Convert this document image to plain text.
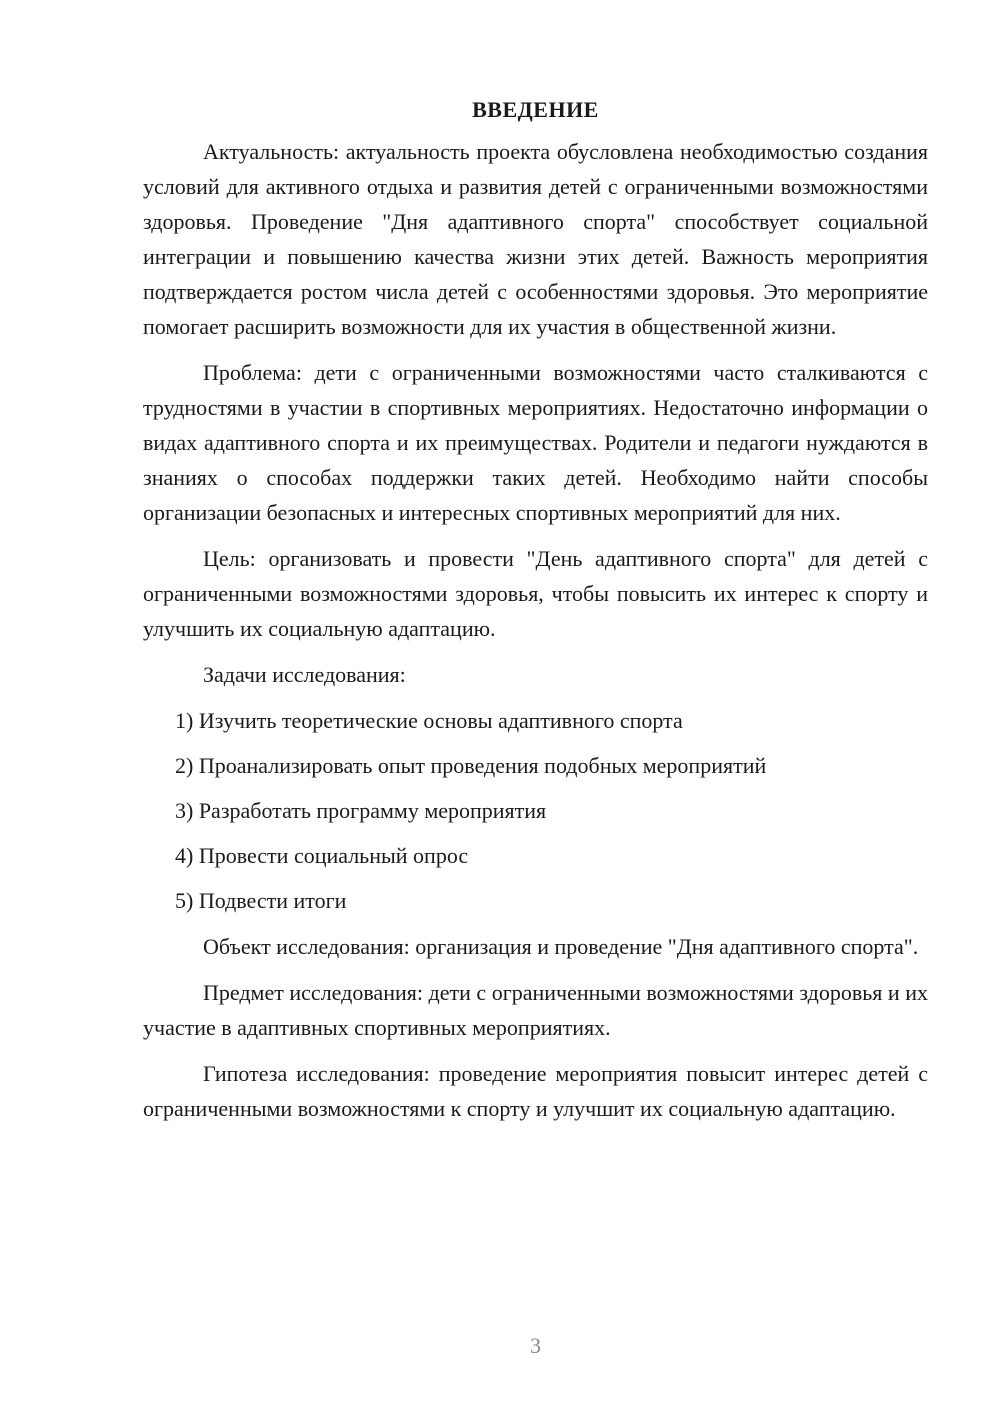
ВВЕДЕНИЕ

Актуальность: актуальность проекта обусловлена необходимостью создания условий для активного отдыха и развития детей с ограниченными возможностями здоровья. Проведение "Дня адаптивного спорта" способствует социальной интеграции и повышению качества жизни этих детей. Важность мероприятия подтверждается ростом числа детей с особенностями здоровья. Это мероприятие помогает расширить возможности для их участия в общественной жизни.

Проблема: дети с ограниченными возможностями часто сталкиваются с трудностями в участии в спортивных мероприятиях. Недостаточно информации о видах адаптивного спорта и их преимуществах. Родители и педагоги нуждаются в знаниях о способах поддержки таких детей. Необходимо найти способы организации безопасных и интересных спортивных мероприятий для них.

Цель: организовать и провести "День адаптивного спорта" для детей с ограниченными возможностями здоровья, чтобы повысить их интерес к спорту и улучшить их социальную адаптацию.

Задачи исследования:

1) Изучить теоретические основы адаптивного спорта
2) Проанализировать опыт проведения подобных мероприятий
3) Разработать программу мероприятия
4) Провести социальный опрос
5) Подвести итоги

Объект исследования: организация и проведение "Дня адаптивного спорта".

Предмет исследования: дети с ограниченными возможностями здоровья и их участие в адаптивных спортивных мероприятиях.

Гипотеза исследования: проведение мероприятия повысит интерес детей с ограниченными возможностями к спорту и улучшит их социальную адаптацию.

3
